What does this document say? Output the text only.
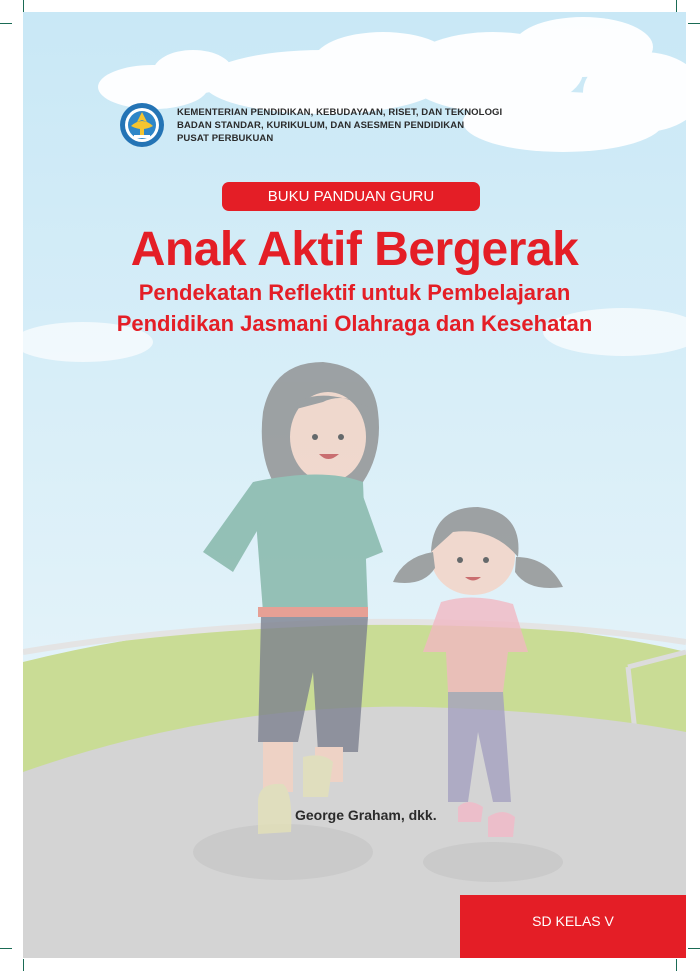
KEMENTERIAN PENDIDIKAN, KEBUDAYAAN, RISET, DAN TEKNOLOGI
BADAN STANDAR, KURIKULUM, DAN ASESMEN PENDIDIKAN
PUSAT PERBUKUAN
BUKU PANDUAN GURU
Anak Aktif Bergerak
Pendekatan Reflektif untuk Pembelajaran
Pendidikan Jasmani Olahraga dan Kesehatan
George Graham, dkk.
SD KELAS V
